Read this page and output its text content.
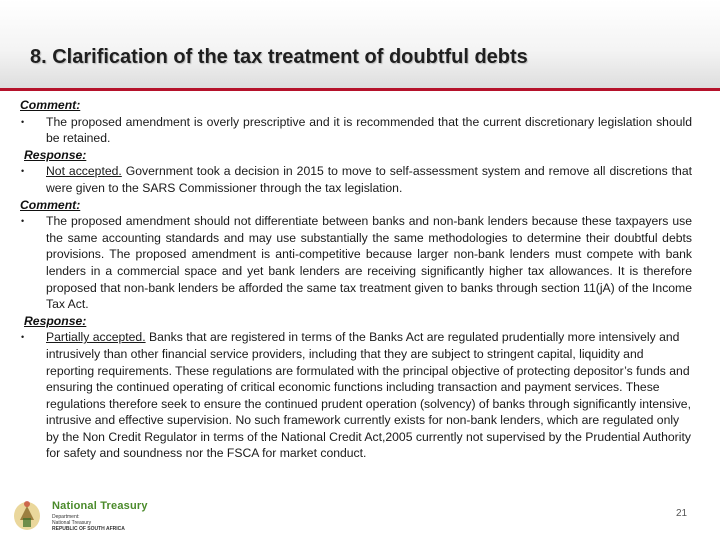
8. Clarification of the tax treatment of doubtful debts
Comment:
•	The proposed amendment is overly prescriptive and it is recommended that the current discretionary legislation should be retained.
Response:
•	Not accepted. Government took a decision in 2015 to move to self-assessment system and remove all discretions that were given to the SARS Commissioner through the tax legislation.
Comment:
•	The proposed amendment should not differentiate between banks and non-bank lenders because these taxpayers use the same accounting standards and may use substantially the same methodologies to determine their doubtful debts provisions. The proposed amendment is anti-competitive because larger non-bank lenders must compete with bank lenders in a commercial space and yet bank lenders are receiving significantly higher tax allowances. It is therefore proposed that non-bank lenders be afforded the same tax treatment given to banks through section 11(jA) of the Income Tax Act.
Response:
•	Partially accepted. Banks that are registered in terms of the Banks Act are regulated prudentially more intensively and intrusively than other financial service providers, including that they are subject to stringent capital, liquidity and reporting requirements. These regulations are formulated with the principal objective of protecting depositor’s funds and ensuring the continued operating of critical economic functions including transaction and payment services. These regulations therefore seek to ensure the continued prudent operation (solvency) of banks through significantly intensive, intrusive and effective supervision. No such framework currently exists for non-bank lenders, which are regulated only by the Non Credit Regulator in terms of the National Credit Act,2005 currently not supervised by the Prudential Authority for safety and soundness nor the FSCA for market conduct.
National Treasury
Department:
National Treasury
REPUBLIC OF SOUTH AFRICA
21
